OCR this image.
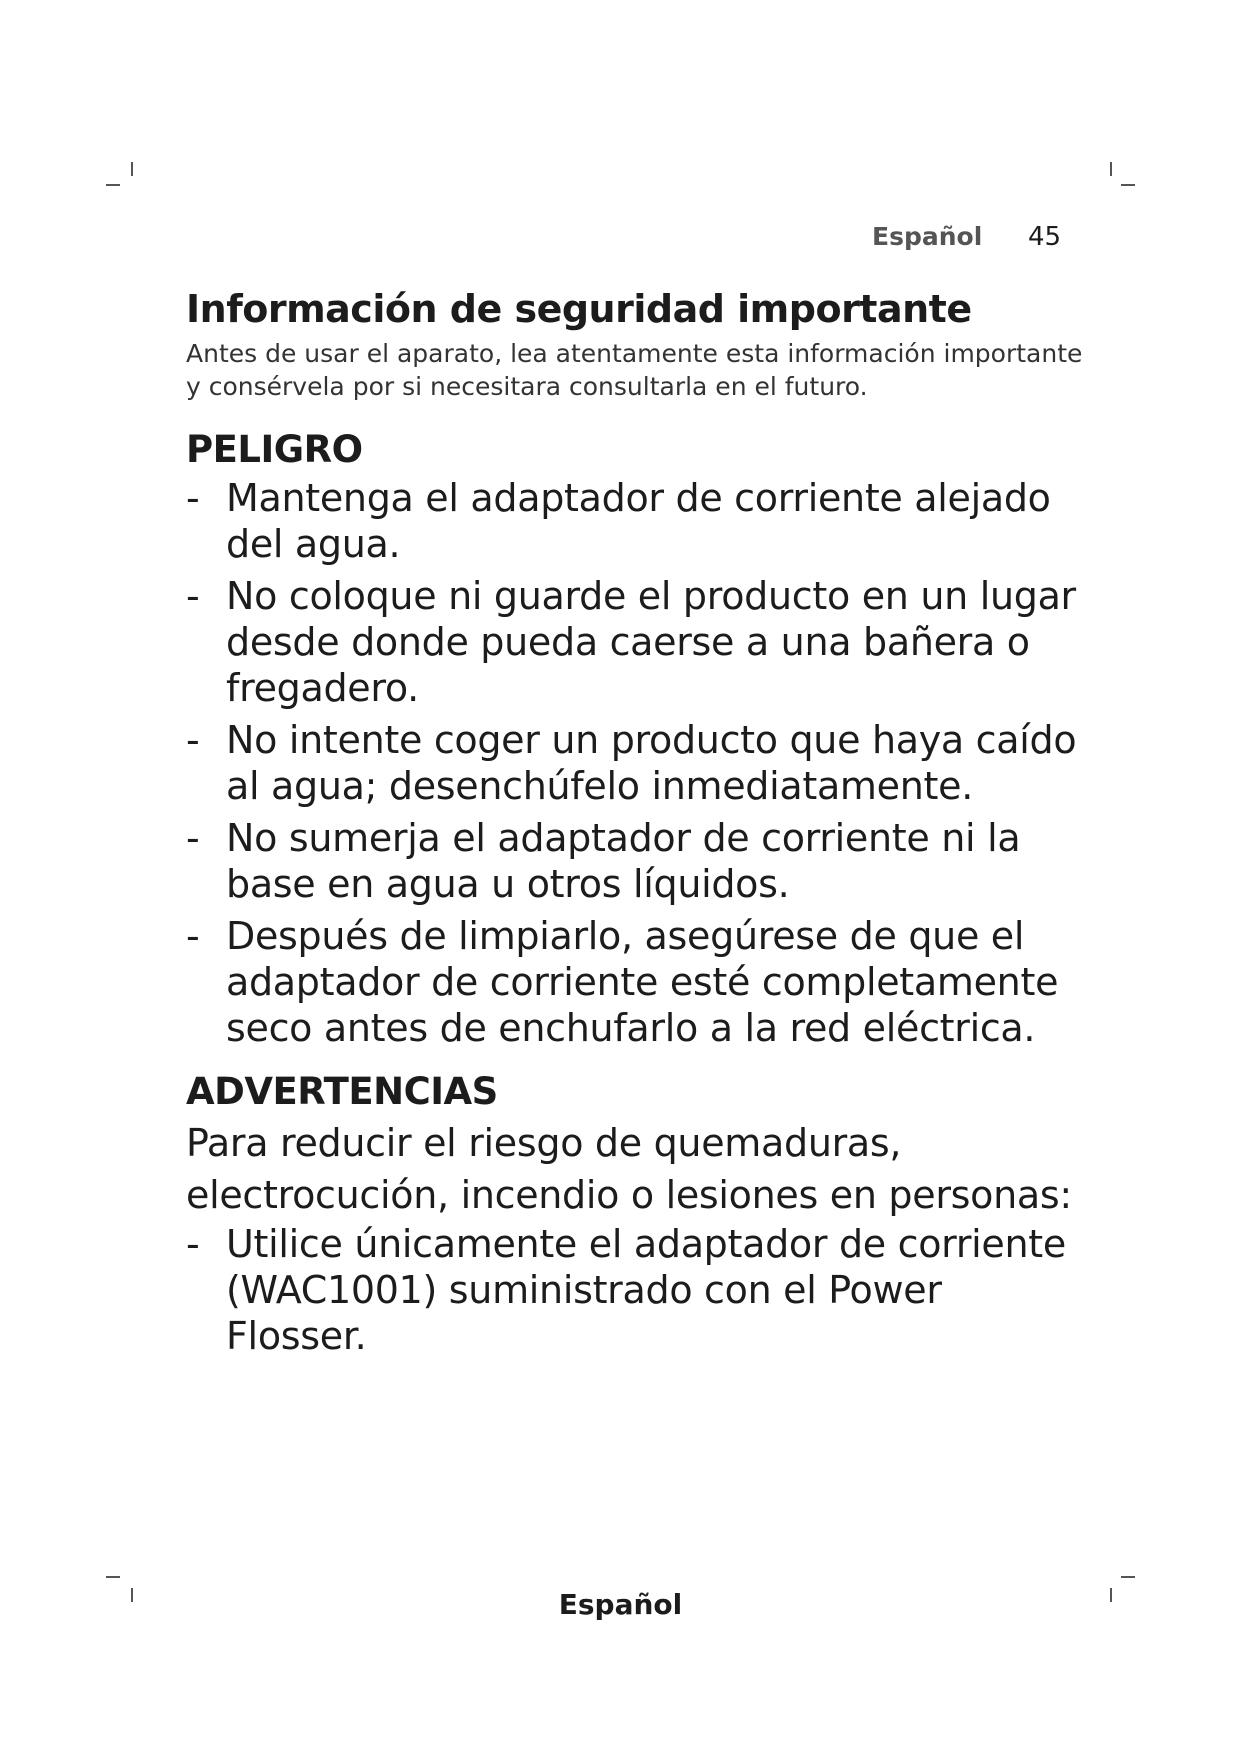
Español 45
Información de seguridad importante

Antes de usar el aparato, lea atentamente esta información importante y consérvela por si necesitara consultarla en el futuro.

PELIGRO
- Mantenga el adaptador de corriente alejado del agua.
- No coloque ni guarde el producto en un lugar desde donde pueda caerse a una bañera o fregadero.
- No intente coger un producto que haya caído al agua; desenchúfelo inmediatamente.
- No sumerja el adaptador de corriente ni la base en agua u otros líquidos.
- Después de limpiarlo, asegúrese de que el adaptador de corriente esté completamente seco antes de enchufarlo a la red eléctrica.
ADVERTENCIAS

Para reducir el riesgo de quemaduras, electrocución, incendio o lesiones en personas:

- Utilice únicamente el adaptador de corriente (WAC1001) suministrado con el Power Flosser.
Español
